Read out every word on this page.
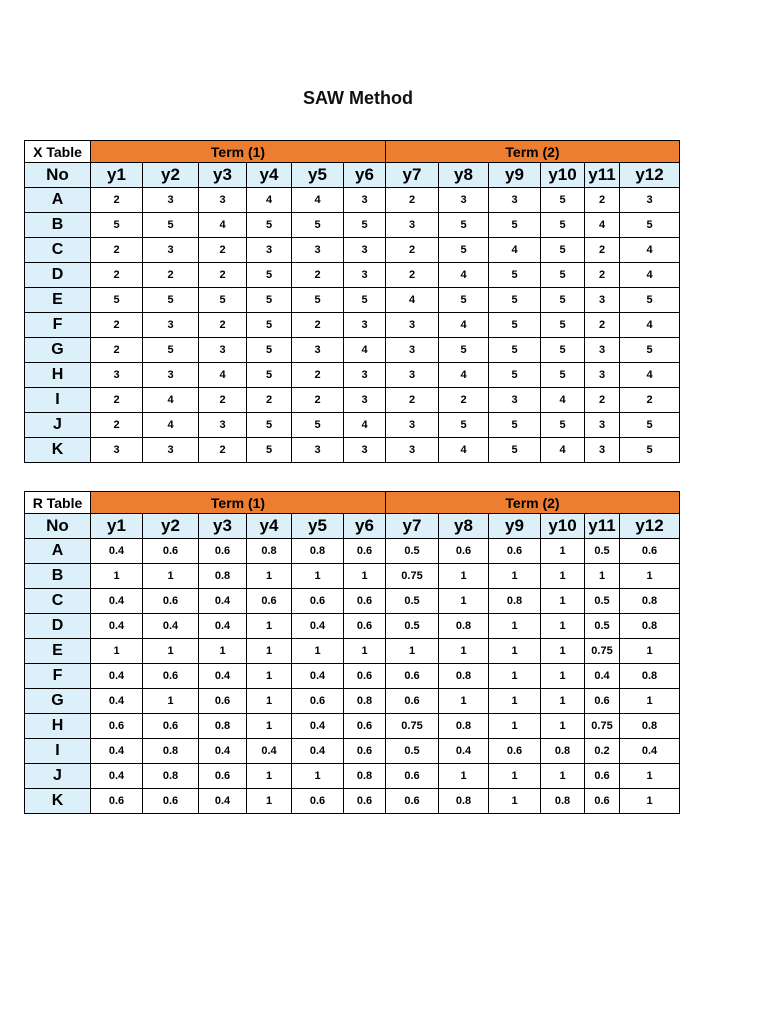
SAW Method
X Table	Term (1)						Term (2)					
No	y1	y2	y3	y4	y5	y6	y7	y8	y9	y10	y11	y12
A	2	3	3	4	4	3	2	3	3	5	2	3
B	5	5	4	5	5	5	3	5	5	5	4	5
C	2	3	2	3	3	3	2	5	4	5	2	4
D	2	2	2	5	2	3	2	4	5	5	2	4
E	5	5	5	5	5	5	4	5	5	5	3	5
F	2	3	2	5	2	3	3	4	5	5	2	4
G	2	5	3	5	3	4	3	5	5	5	3	5
H	3	3	4	5	2	3	3	4	5	5	3	4
I	2	4	2	2	2	3	2	2	3	4	2	2
J	2	4	3	5	5	4	3	5	5	5	3	5
K	3	3	2	5	3	3	3	4	5	4	3	5
R Table	Term (1)						Term (2)					
No	y1	y2	y3	y4	y5	y6	y7	y8	y9	y10	y11	y12
A	0.4	0.6	0.6	0.8	0.8	0.6	0.5	0.6	0.6	1	0.5	0.6
B	1	1	0.8	1	1	1	0.75	1	1	1	1	1
C	0.4	0.6	0.4	0.6	0.6	0.6	0.5	1	0.8	1	0.5	0.8
D	0.4	0.4	0.4	1	0.4	0.6	0.5	0.8	1	1	0.5	0.8
E	1	1	1	1	1	1	1	1	1	1	0.75	1
F	0.4	0.6	0.4	1	0.4	0.6	0.6	0.8	1	1	0.4	0.8
G	0.4	1	0.6	1	0.6	0.8	0.6	1	1	1	0.6	1
H	0.6	0.6	0.8	1	0.4	0.6	0.75	0.8	1	1	0.75	0.8
I	0.4	0.8	0.4	0.4	0.4	0.6	0.5	0.4	0.6	0.8	0.2	0.4
J	0.4	0.8	0.6	1	1	0.8	0.6	1	1	1	0.6	1
K	0.6	0.6	0.4	1	0.6	0.6	0.6	0.8	1	0.8	0.6	1
